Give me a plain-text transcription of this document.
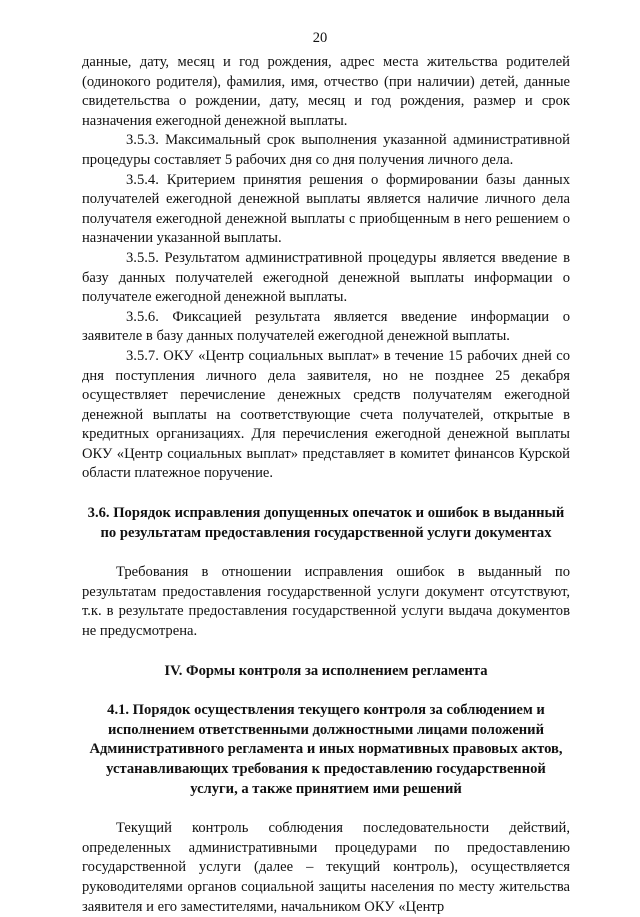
20

данные, дату, месяц и год рождения, адрес места жительства родителей (одинокого родителя), фамилия, имя, отчество (при наличии) детей, данные свидетельства о рождении, дату, месяц и год рождения, размер и срок назначения ежегодной денежной выплаты.

3.5.3. Максимальный срок выполнения указанной административной процедуры составляет 5 рабочих дня со дня получения личного дела.

3.5.4. Критерием принятия решения о формировании базы данных получателей ежегодной денежной выплаты является наличие личного дела получателя ежегодной денежной выплаты с приобщенным в него решением о назначении указанной выплаты.

3.5.5. Результатом административной процедуры является введение в базу данных получателей ежегодной денежной выплаты информации о получателе ежегодной денежной выплаты.

3.5.6. Фиксацией результата является введение информации о заявителе в базу данных получателей ежегодной денежной выплаты.

3.5.7. ОКУ «Центр социальных выплат» в течение 15 рабочих дней со дня поступления личного дела заявителя, но не позднее 25 декабря осуществляет перечисление денежных средств получателям ежегодной денежной выплаты на соответствующие счета получателей, открытые в кредитных организациях. Для перечисления ежегодной денежной выплаты ОКУ «Центр социальных выплат» представляет в комитет финансов Курской области платежное поручение.

3.6. Порядок исправления допущенных опечаток и ошибок в выданный по результатам предоставления государственной услуги документах

Требования в отношении исправления ошибок в выданный по результатам предоставления государственной услуги документ отсутствуют, т.к. в результате предоставления государственной услуги выдача документов не предусмотрена.

IV. Формы контроля за исполнением регламента

4.1. Порядок осуществления текущего контроля за соблюдением и исполнением ответственными должностными лицами положений Административного регламента и иных нормативных правовых актов, устанавливающих требования к предоставлению государственной услуги, а также принятием ими решений

Текущий контроль соблюдения последовательности действий, определенных административными процедурами по предоставлению государственной услуги (далее – текущий контроль), осуществляется руководителями органов социальной защиты населения по месту жительства заявителя и его заместителями, начальником ОКУ «Центр
